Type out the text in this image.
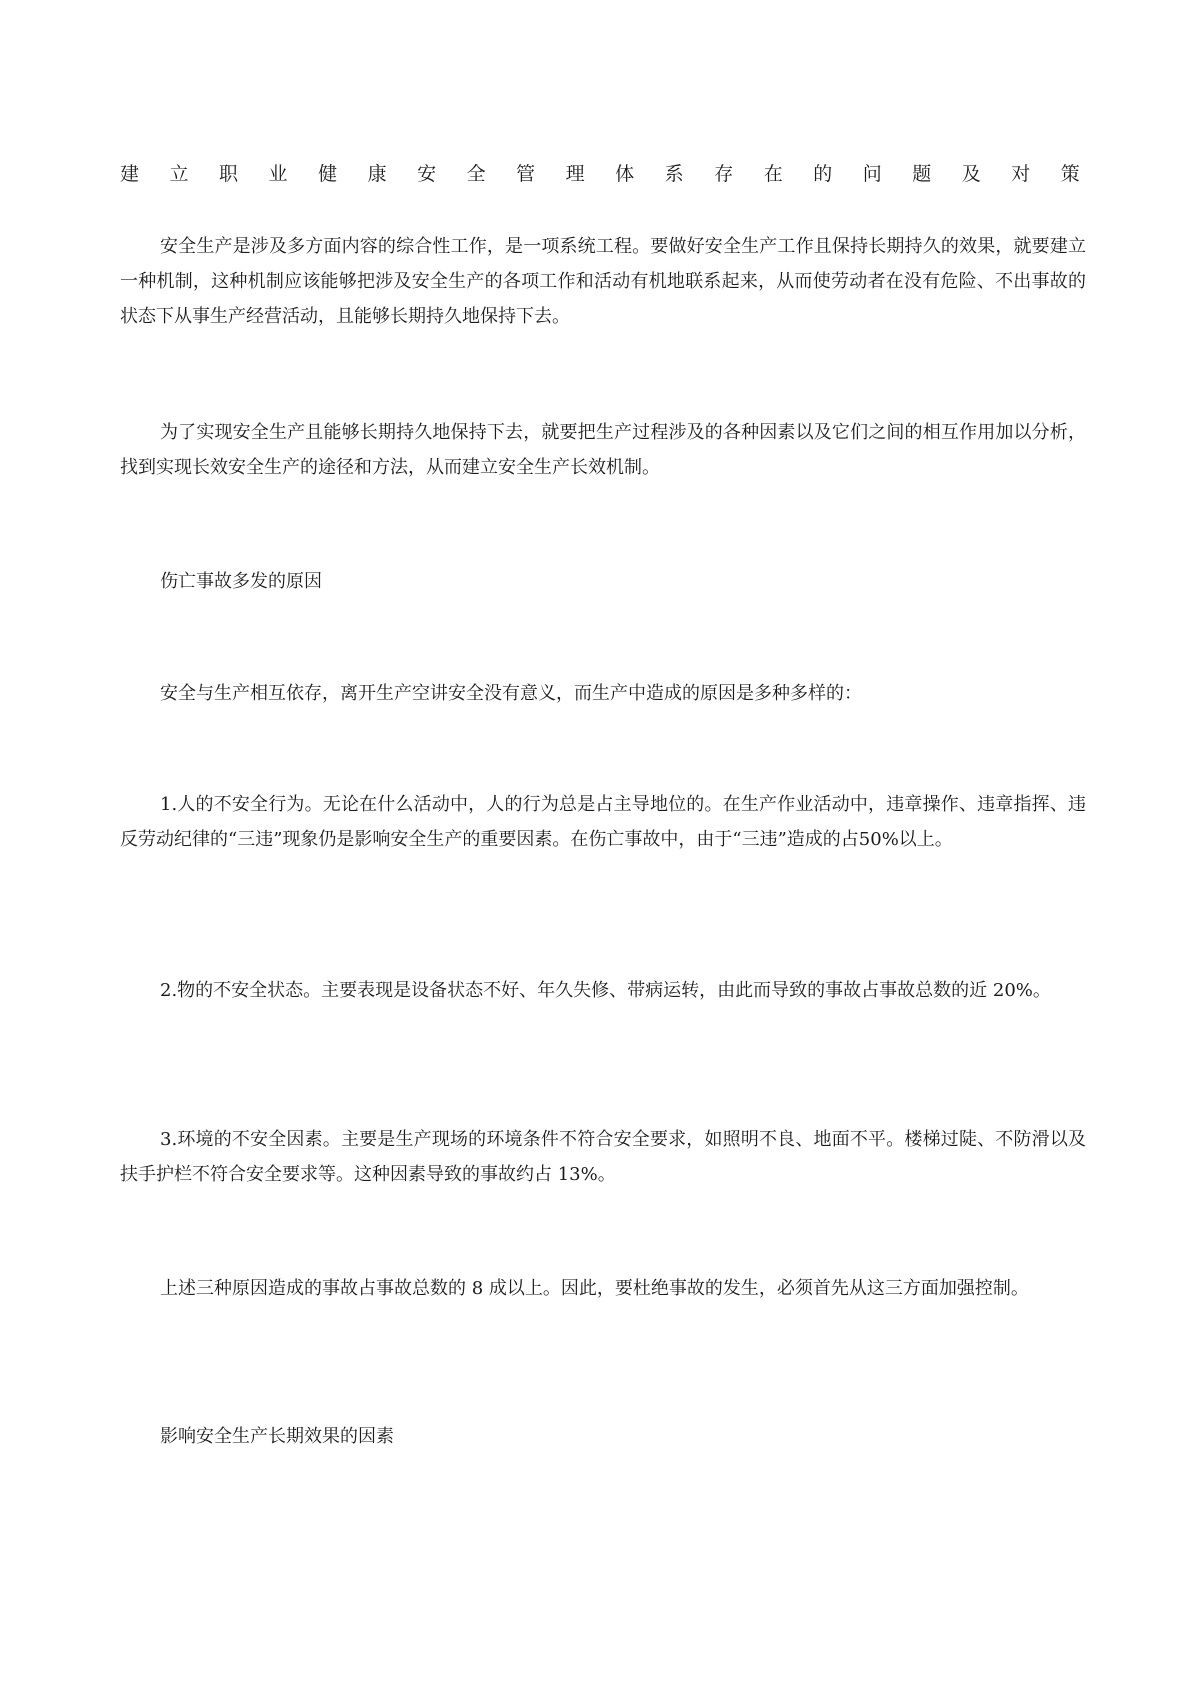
建 立 职 业 健 康 安 全 管 理 体 系 存 在 的 问 题 及 对 策

安全生产是涉及多方面内容的综合性工作，是一项系统工程。要做好安全生产工作且保持长期持久的效果，就要建立一种机制，这种机制应该能够把涉及安全生产的各项工作和活动有机地联系起来，从而使劳动者在没有危险、不出事故的状态下从事生产经营活动，且能够长期持久地保持下去。

为了实现安全生产且能够长期持久地保持下去，就要把生产过程涉及的各种因素以及它们之间的相互作用加以分析，找到实现长效安全生产的途径和方法，从而建立安全生产长效机制。

伤亡事故多发的原因

安全与生产相互依存，离开生产空讲安全没有意义，而生产中造成的原因是多种多样的：

1.人的不安全行为。无论在什么活动中，人的行为总是占主导地位的。在生产作业活动中，违章操作、违章指挥、违反劳动纪律的“三违”现象仍是影响安全生产的重要因素。在伤亡事故中，由于“三违”造成的占50%以上。

2.物的不安全状态。主要表现是设备状态不好、年久失修、带病运转，由此而导致的事故占事故总数的近 20%。

3.环境的不安全因素。主要是生产现场的环境条件不符合安全要求，如照明不良、地面不平。楼梯过陡、不防滑以及扶手护栏不符合安全要求等。这种因素导致的事故约占 13%。

上述三种原因造成的事故占事故总数的 8 成以上。因此，要杜绝事故的发生，必须首先从这三方面加强控制。

影响安全生产长期效果的因素
